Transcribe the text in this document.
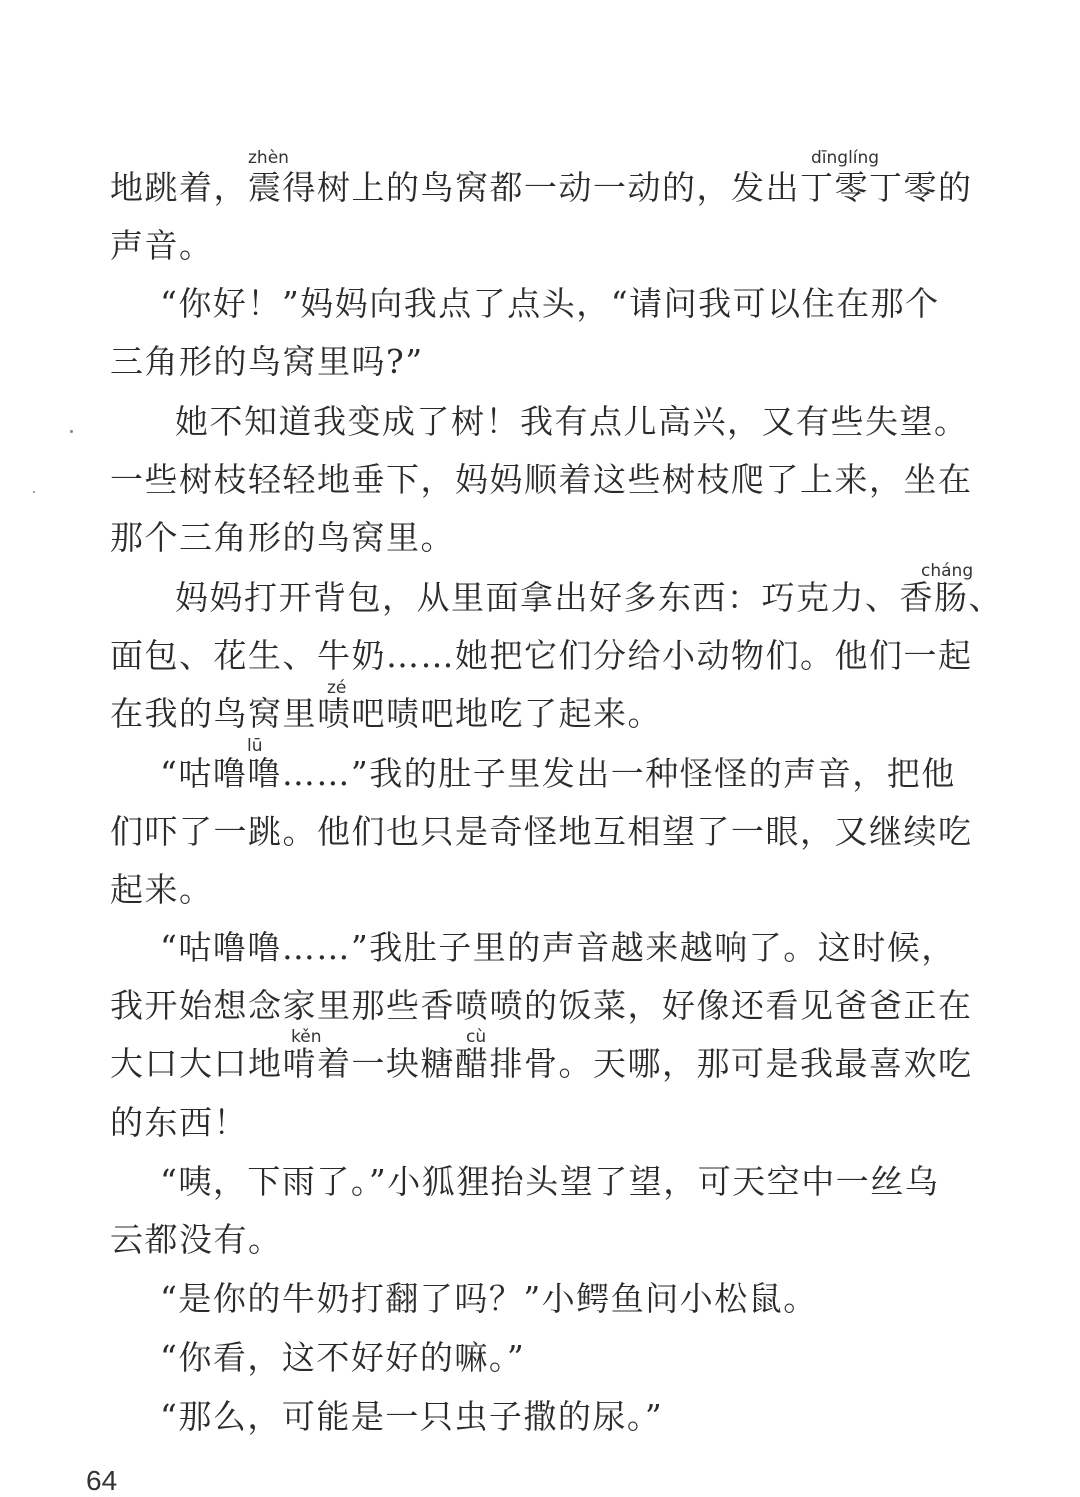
zhèn	dīnglíng
cháng
zé
lū
kěn	cù
地跳着，震得树上的鸟窝都一动一动的，发出丁零丁零的
声音。
“你好！”妈妈向我点了点头，“请问我可以住在那个
三角形的鸟窝里吗?”
她不知道我变成了树！我有点儿高兴，又有些失望。
一些树枝轻轻地垂下，妈妈顺着这些树枝爬了上来，坐在
那个三角形的鸟窝里。
妈妈打开背包，从里面拿出好多东西：巧克力、香肠、
面包、花生、牛奶……她把它们分给小动物们。他们一起
在我的鸟窝里啧吧啧吧地吃了起来。
“咕噜噜……”我的肚子里发出一种怪怪的声音，把他
们吓了一跳。他们也只是奇怪地互相望了一眼，又继续吃
起来。
“咕噜噜……”我肚子里的声音越来越响了。这时候，
我开始想念家里那些香喷喷的饭菜，好像还看见爸爸正在
大口大口地啃着一块糖醋排骨。天哪，那可是我最喜欢吃
的东西！
“咦，下雨了。”小狐狸抬头望了望，可天空中一丝乌
云都没有。
“是你的牛奶打翻了吗？”小鳄鱼问小松鼠。
“你看，这不好好的嘛。”
“那么，可能是一只虫子撒的尿。”
64
